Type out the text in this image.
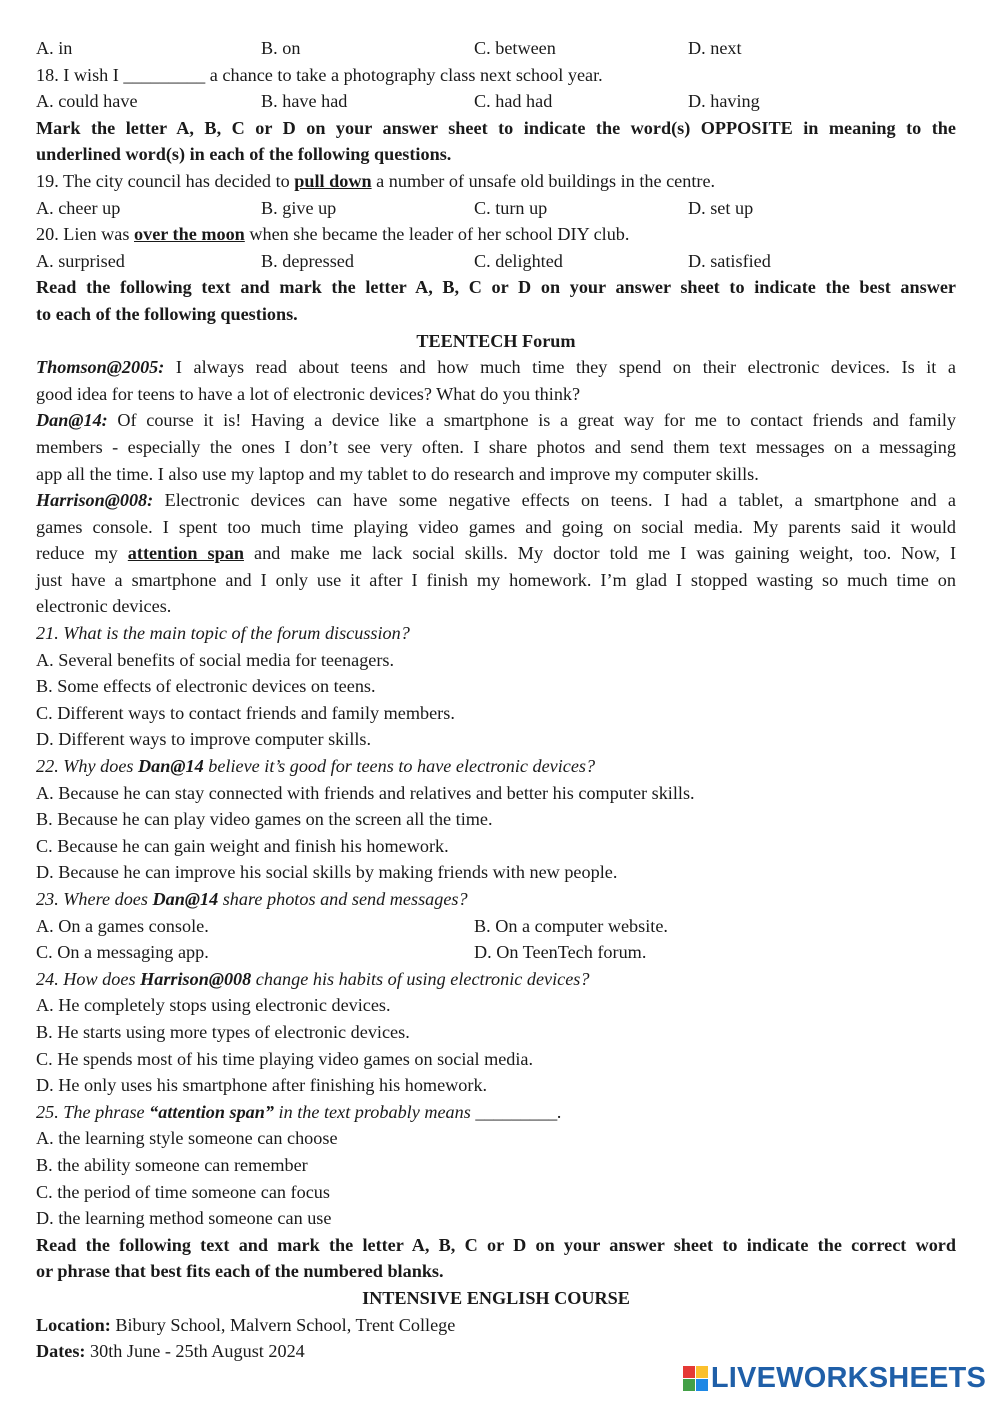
A. in	B. on	C. between	D. next
18. I wish I _________ a chance to take a photography class next school year.
A. could have	B. have had	C. had had	D. having
Mark the letter A, B, C or D on your answer sheet to indicate the word(s) OPPOSITE in meaning to the
underlined word(s) in each of the following questions.
19. The city council has decided to pull down a number of unsafe old buildings in the centre.
A. cheer up	B. give up	C. turn up	D. set up
20. Lien was over the moon when she became the leader of her school DIY club.
A. surprised	B. depressed	C. delighted	D. satisfied
Read the following text and mark the letter A, B, C or D on your answer sheet to indicate the best answer
to each of the following questions.
TEENTECH Forum
Thomson@2005: I always read about teens and how much time they spend on their electronic devices. Is it a
good idea for teens to have a lot of electronic devices? What do you think?
Dan@14: Of course it is! Having a device like a smartphone is a great way for me to contact friends and family
members - especially the ones I don’t see very often. I share photos and send them text messages on a messaging
app all the time. I also use my laptop and my tablet to do research and improve my computer skills.
Harrison@008: Electronic devices can have some negative effects on teens. I had a tablet, a smartphone and a
games console. I spent too much time playing video games and going on social media. My parents said it would
reduce my attention span and make me lack social skills. My doctor told me I was gaining weight, too. Now, I
just have a smartphone and I only use it after I finish my homework. I’m glad I stopped wasting so much time on
electronic devices.
21. What is the main topic of the forum discussion?
A. Several benefits of social media for teenagers.
B. Some effects of electronic devices on teens.
C. Different ways to contact friends and family members.
D. Different ways to improve computer skills.
22. Why does Dan@14 believe it’s good for teens to have electronic devices?
A. Because he can stay connected with friends and relatives and better his computer skills.
B. Because he can play video games on the screen all the time.
C. Because he can gain weight and finish his homework.
D. Because he can improve his social skills by making friends with new people.
23. Where does Dan@14 share photos and send messages?
A. On a games console.	B. On a computer website.
C. On a messaging app.	D. On TeenTech forum.
24. How does Harrison@008 change his habits of using electronic devices?
A. He completely stops using electronic devices.
B. He starts using more types of electronic devices.
C. He spends most of his time playing video games on social media.
D. He only uses his smartphone after finishing his homework.
25. The phrase “attention span” in the text probably means _________.
A. the learning style someone can choose
B. the ability someone can remember
C. the period of time someone can focus
D. the learning method someone can use
Read the following text and mark the letter A, B, C or D on your answer sheet to indicate the correct word
or phrase that best fits each of the numbered blanks.
INTENSIVE ENGLISH COURSE
Location: Bibury School, Malvern School, Trent College
Dates: 30th June - 25th August 2024
LIVEWORKSHEETS
